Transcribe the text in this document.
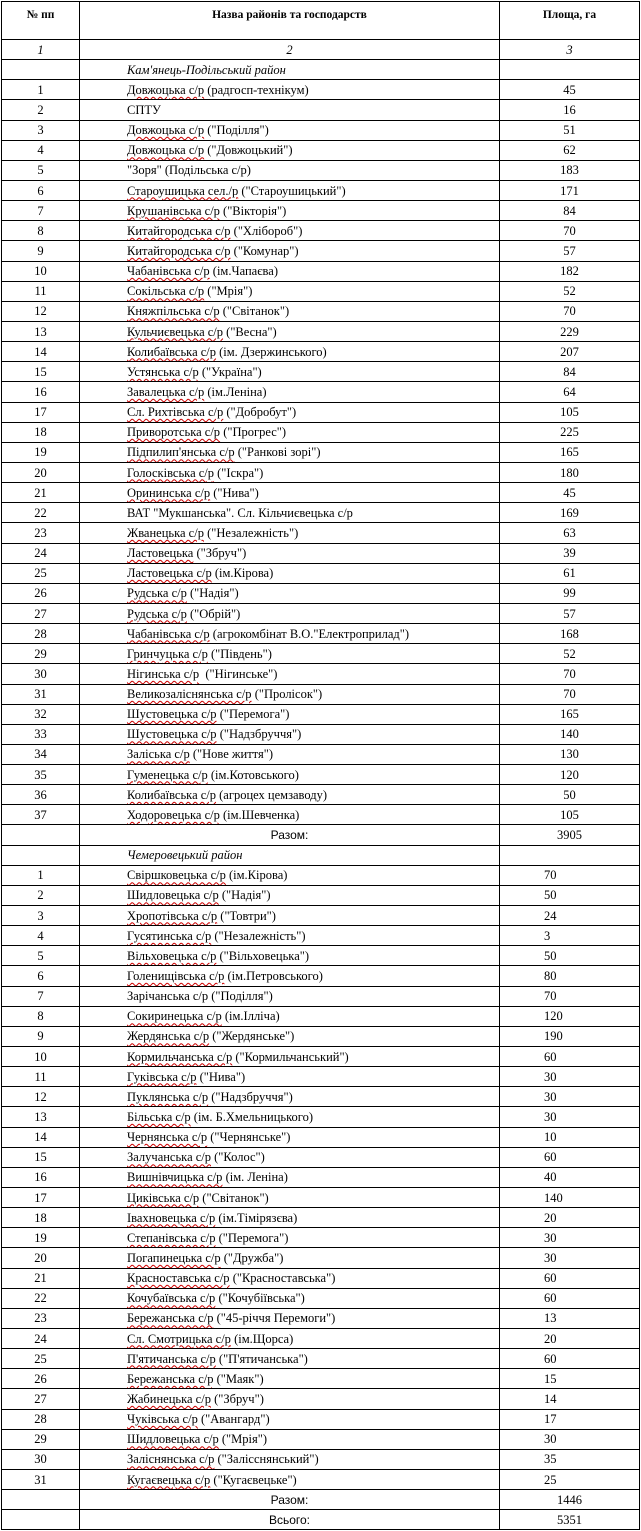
№ пп	Назва районів та господарств	Площа, га
1	2	3
	Кам'янець-Подільський район	
1	Довжоцька с/р (радгосп-технікум)	45
2	СПТУ	16
3	Довжоцька с/р ("Поділля")	51
4	Довжоцька с/р ("Довжоцький")	62
5	"Зоря" (Подільська с/р)	183
6	Староушицька сел./р ("Староушицький")	171
7	Крушанівська с/р ("Вікторія")	84
8	Китайгородська с/р ("Хлібороб")	70
9	Китайгородська с/р ("Комунар")	57
10	Чабанівська с/р (ім.Чапаєва)	182
11	Сокільська с/р ("Мрія")	52
12	Княжпільська с/р ("Світанок")	70
13	Кульчиєвецька с/р ("Весна")	229
14	Колибаївська с/р (ім. Дзержинського)	207
15	Устянська с/р ("Україна")	84
16	Завалецька с/р (ім.Леніна)	64
17	Сл. Рихтівська с/р ("Добробут")	105
18	Приворотська с/р ("Прогрес")	225
19	Підпилип'янська с/р ("Ранкові зорі")	165
20	Голосківська с/р ("Іскра")	180
21	Орининська с/р ("Нива")	45
22	ВАТ "Мукшанська". Сл. Кільчиєвецька с/р	169
23	Жванецька с/р ("Незалежність")	63
24	Ластовецька ("Збруч")	39
25	Ластовецька с/р (ім.Кірова)	61
26	Рудська с/р ("Надія")	99
27	Рудська с/р ("Обрій")	57
28	Чабанівська с/р (агрокомбінат В.О."Електроприлад")	168
29	Гринчуцька с/р ("Південь")	52
30	Нігинська с/р  ("Нігинське")	70
31	Великозаліснянська с/р ("Пролісок")	70
32	Шустовецька с/р ("Перемога")	165
33	Шустовецька с/р ("Надзбруччя")	140
34	Заліська с/р ("Нове життя")	130
35	Гуменецька с/р (ім.Котовського)	120
36	Колибаївська с/р (агроцех цемзаводу)	50
37	Ходоровецька с/р (ім.Шевченка)	105
	Разом:	3905
	Чемеровецький район	
1	Свіршковецька с/р (ім.Кірова)	70
2	Шидловецька с/р ("Надія")	50
3	Хропотівська с/р ("Товтри")	24
4	Гусятинська с/р ("Незалежність")	3
5	Вільховецька с/р ("Вільховецька")	50
6	Голенищівська с/р (ім.Петровського)	80
7	Зарічанська с/р ("Поділля")	70
8	Сокиринецька с/р (ім.Ілліча)	120
9	Жердянська с/р ("Жердянське")	190
10	Кормильчанська с/р ("Кормильчанський")	60
11	Гуківська с/р ("Нива")	30
12	Пуклянська с/р ("Надзбруччя")	30
13	Більська с/р (ім. Б.Хмельницького)	30
14	Чернянська с/р ("Чернянське")	10
15	Залучанська с/р ("Колос")	60
16	Вишнівчицька с/р (ім. Леніна)	40
17	Циківська с/р ("Світанок")	140
18	Івахновецька с/р (ім.Тімірязєва)	20
19	Степанівська с/р ("Перемога")	30
20	Погапинецька с/р ("Дружба")	30
21	Красноставська с/р ("Красноставська")	60
22	Кочубаївська с/р ("Кочубіївська")	60
23	Бережанська с/р ("45-річчя Перемоги")	13
24	Сл. Смотрицька с/р (ім.Щорса)	20
25	П'ятичанська с/р ("П'ятичанська")	60
26	Бережанська с/р ("Маяк")	15
27	Жабинецька с/р ("Збруч")	14
28	Чуківська с/р ("Авангард")	17
29	Шидловецька с/р ("Мрія")	30
30	Заліснянська с/р ("Залісснянський")	35
31	Кугаєвецька с/р ("Кугаєвецьке")	25
	Разом:	1446
	Всього:	5351
